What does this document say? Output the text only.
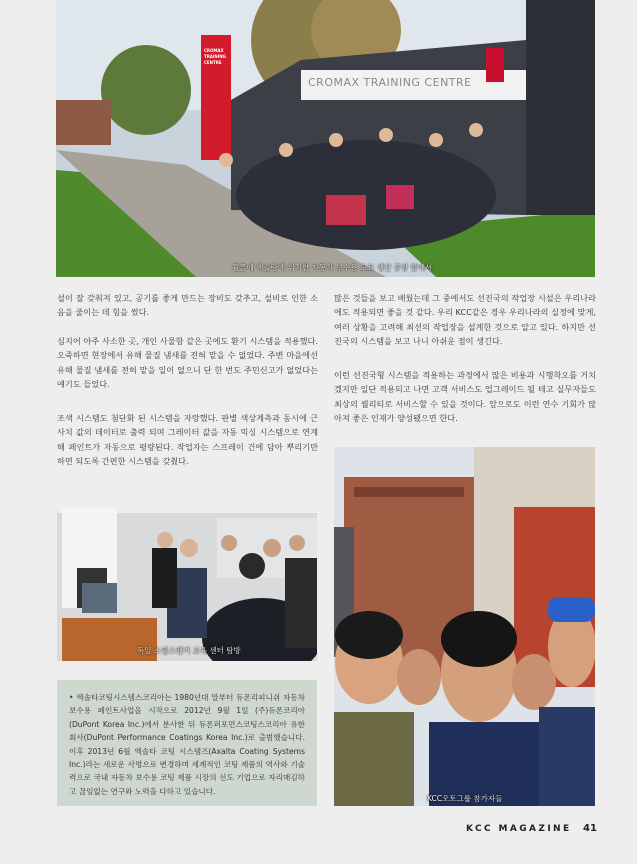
CROMAX TRAINING CENTRE
CROMAX TRAINING CENTRE
쾰른에 엑솔란에 위치한 자동차 보수용 도료 생산 공장 앞에서

설이 잘 갖춰져 있고, 공기를 좋게 만드는 장비도 갖추고, 설비로 인한 소음을 줄이는 데 힘을 썼다.

심지어 아주 사소한 곳, 개인 사물함 같은 곳에도 환기 시스템을 적용했다. 오죽하면 현장에서 유해 물질 냄새를 전혀 맡을 수 없었다. 주변 마을에선 유해 물질 냄새를 전혀 맡을 일이 없으니 단 한 번도 주민신고가 없었다는 얘기도 들었다.

조색 시스템도 첨단화 된 시스템을 자랑했다. 판별 색상계측과 동시에 근사치 값의 데이터로 출력 되며 그레이터 값을 자동 믹싱 시스템으로 연계해 페인트가 자동으로 평량된다. 작업자는 스프레이 건에 담아 뿌리기만 하면 되도록 간편한 시스템을 갖췄다.

많은 것들을 보고 배웠는데 그 중에서도 선진국의 작업장 시설은 우리나라에도 적용되면 좋을 것 같다. 우리 KCC같은 경우 우리나라의 실정에 맞게, 여러 상황을 고려해 최선의 작업장을 설계한 것으로 알고 있다. 하지만 선진국의 시스템을 보고 나니 아쉬운 점이 생긴다.

이런 선진국형 시스템을 적용하는 과정에서 많은 비용과 시행착오를 거치겠지만 일단 적용되고 나면 고객 서비스도 업그레이드 될 테고 실무자들도 최상의 퀄리티로 서비스할 수 있을 것이다. 앞으로도 이런 연수 기회가 많아져 좋은 인재가 양성됐으면 한다.

독일 스필스렌거 교육 센터 탐방

• 엑솔타코팅시스템스코리아는 1980년대 말부터 듀폰리피니쉬 자동차 보수용 페인트사업을 시작으로 2012년 9월 1일 (주)듀폰코리아(DuPont Korea Inc.)에서 분사한 뒤 듀폰퍼포먼스코팅스코리아 유한회사(DuPont Performance Coatings Korea Inc.)로 출범했습니다. 이후 2013년 6월 엑솔타 코팅 시스템즈(Axalta Coating Systems Inc.)라는 새로운 사명으로 변경하며 세계적인 코팅 제품의 역사와 기술력으로 국내 자동차 보수용 코팅 제품 시장의 선도 기업으로 자리매김하고 끊임없는 연구와 노력을 다하고 있습니다.

KCC오토그룹 참가자들
KCC MAGAZINE 41
